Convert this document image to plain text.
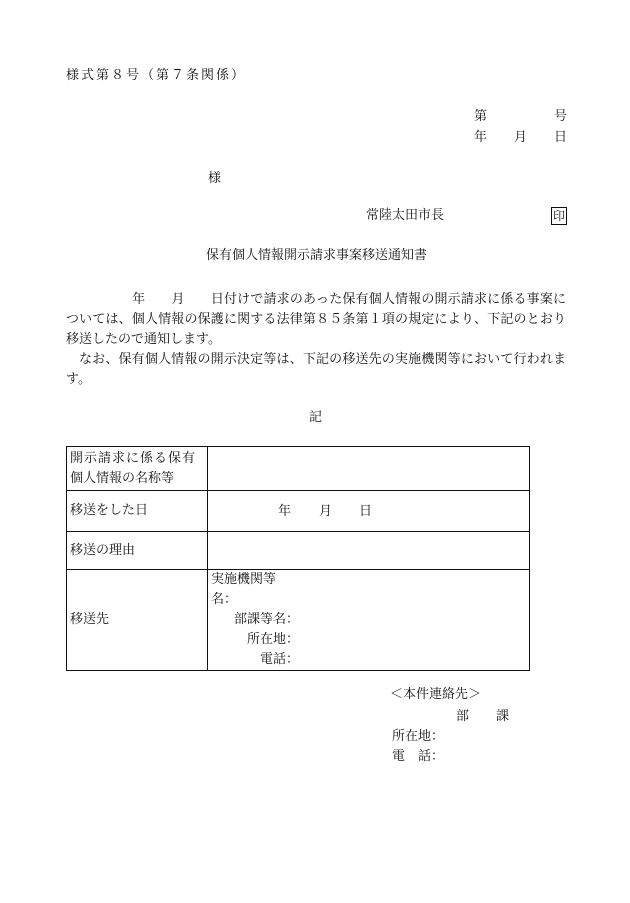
様式第８号（第７条関係）
第	号
年 月 日
様
常陸太田市長	印
保有個人情報開示請求事案移送通知書
年 月 日付けで請求のあった保有個人情報の開示請求に係る事案については、個人情報の保護に関する法律第８５条第１項の規定により、下記のとおり移送したので通知します。
なお、保有個人情報の開示決定等は、下記の移送先の実施機関等において行われます。
記
開示請求に係る保有
個人情報の名称等	

移送をした日	年 月 日

移送の理由	
移送先	実施機関等名：
部課等名：
所在地：
電話：
＜本件連絡先＞
部 課
所在地：
電　話：
